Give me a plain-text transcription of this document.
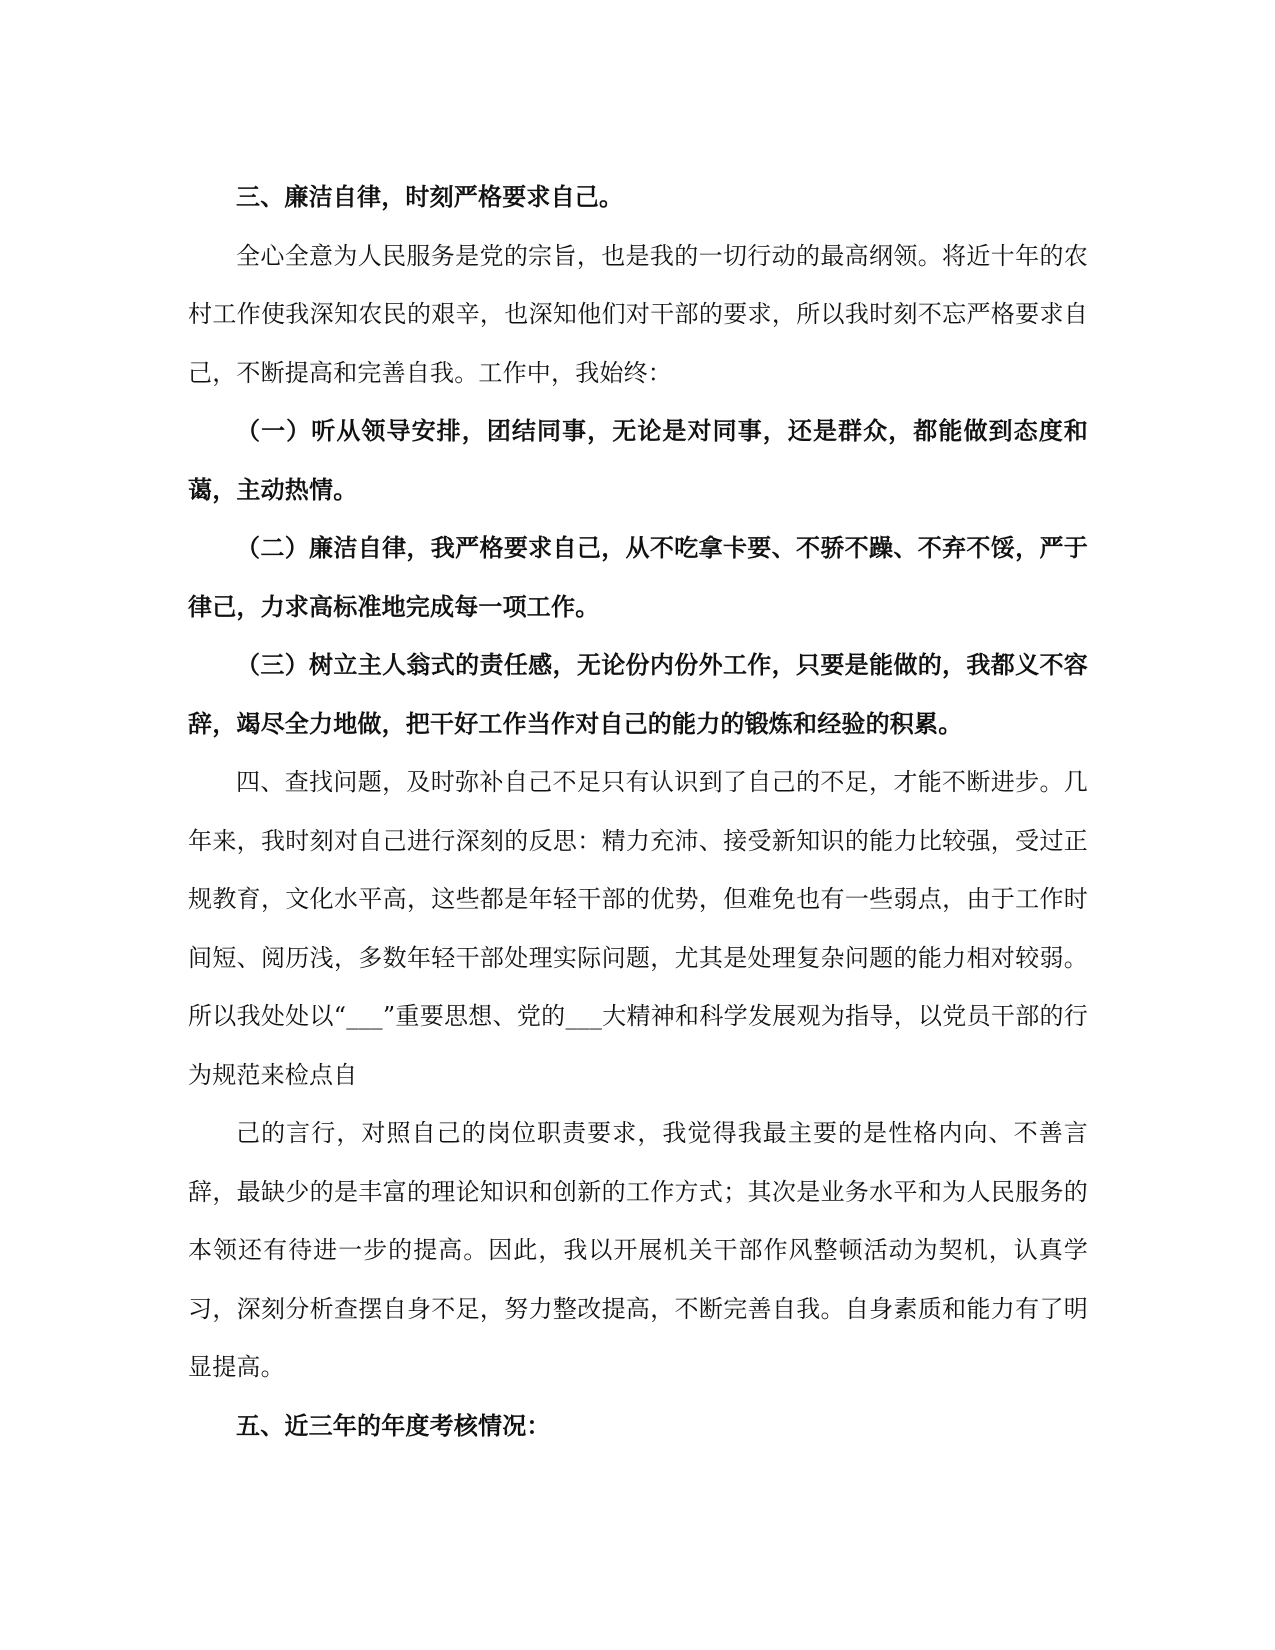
三、廉洁自律，时刻严格要求自己。

全心全意为人民服务是党的宗旨，也是我的一切行动的最高纲领。将近十年的农村工作使我深知农民的艰辛，也深知他们对干部的要求，所以我时刻不忘严格要求自己，不断提高和完善自我。工作中，我始终：

（一）听从领导安排，团结同事，无论是对同事，还是群众，都能做到态度和蔼，主动热情。

（二）廉洁自律，我严格要求自己，从不吃拿卡要、不骄不躁、不弃不馁，严于律己，力求高标准地完成每一项工作。

（三）树立主人翁式的责任感，无论份内份外工作，只要是能做的，我都义不容辞，竭尽全力地做，把干好工作当作对自己的能力的锻炼和经验的积累。

四、查找问题，及时弥补自己不足只有认识到了自己的不足，才能不断进步。几年来，我时刻对自己进行深刻的反思：精力充沛、接受新知识的能力比较强，受过正规教育，文化水平高，这些都是年轻干部的优势，但难免也有一些弱点，由于工作时间短、阅历浅，多数年轻干部处理实际问题，尤其是处理复杂问题的能力相对较弱。所以我处处以“___”重要思想、党的___大精神和科学发展观为指导，以党员干部的行为规范来检点自

己的言行，对照自己的岗位职责要求，我觉得我最主要的是性格内向、不善言辞，最缺少的是丰富的理论知识和创新的工作方式；其次是业务水平和为人民服务的本领还有待进一步的提高。因此，我以开展机关干部作风整顿活动为契机，认真学习，深刻分析查摆自身不足，努力整改提高，不断完善自我。自身素质和能力有了明显提高。

五、近三年的年度考核情况：
